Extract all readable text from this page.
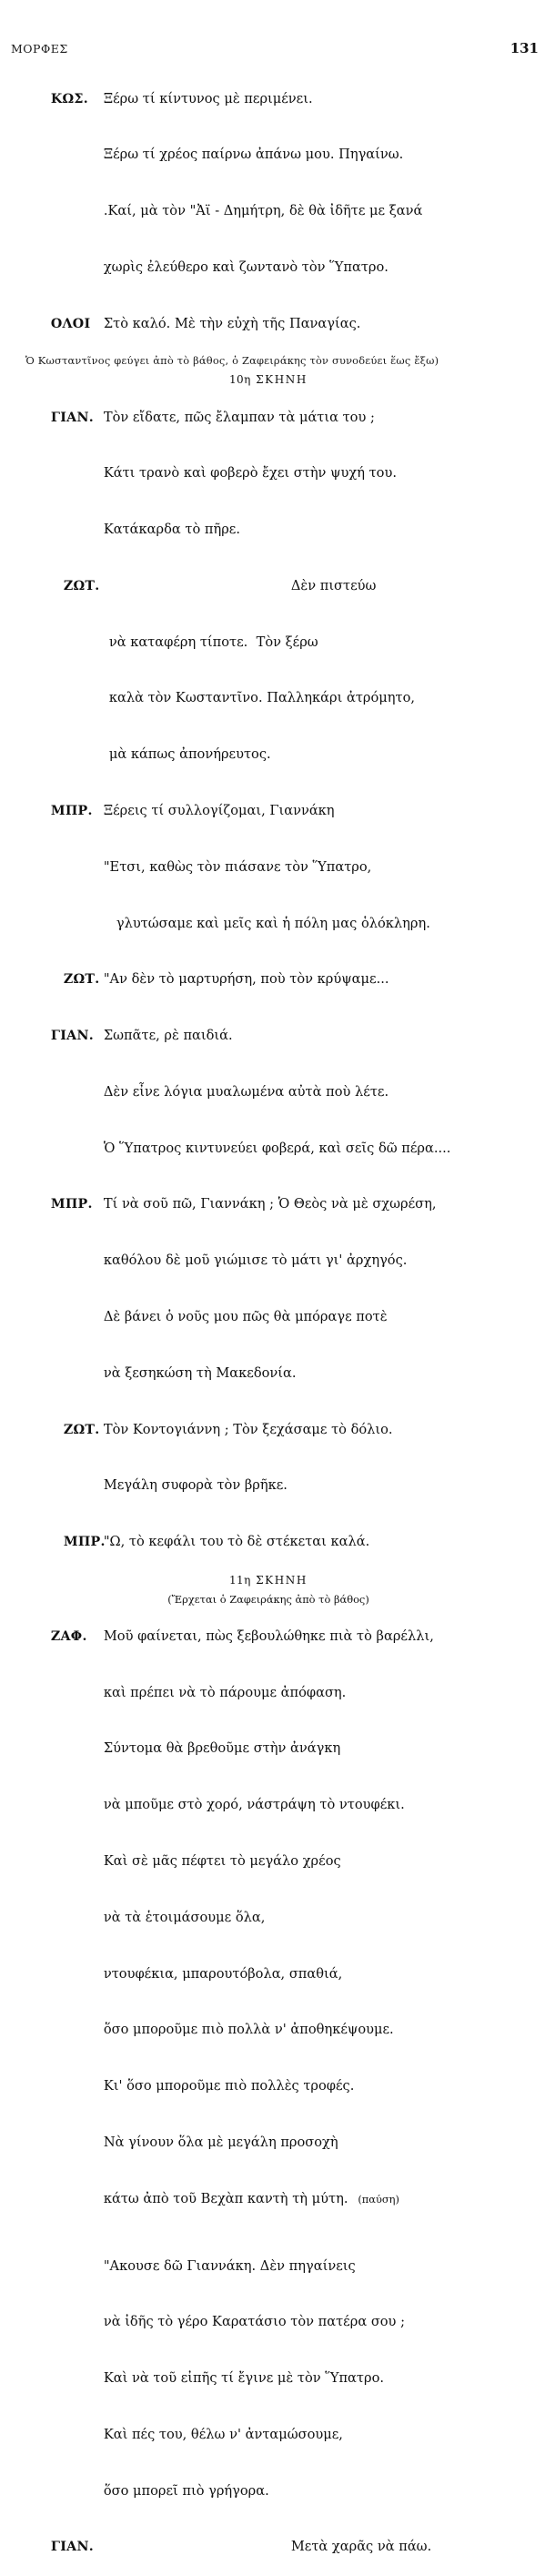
ΜΟΡΦΕΣ	131

ΚΩΣ. Ξέρω τί κίντυνος μὲ περιμένει.

Ξέρω τί χρέος παίρνω ἀπάνω μου. Πηγαίνω.

.Καί, μὰ τὸν "Ἀϊ - Δημήτρη, δὲ θὰ ἰδῆτε με ξανά

χωρὶς ἐλεύθερο καὶ ζωντανὸ τὸν Ὕπατρο.

ΟΛΟΙ Στὸ καλό. Μὲ τὴν εὐχὴ τῆς Παναγίας.

Ὁ Κωσταντῖνος φεύγει ἀπὸ τὸ βάθος, ὁ Ζαφειράκης τὸν συνοδεύει ἕως ἔξω)
10η ΣΚΗΝΗ

ΓΙΑΝ. Τὸν εἴδατε, πῶς ἔλαμπαν τὰ μάτια του ;

Κάτι τρανὸ καὶ φοβερὸ ἔχει στὴν ψυχή του.

Κατάκαρδα τὸ πῆρε.

ΖΩΤ.	Δὲν πιστεύω

νὰ καταφέρη τίποτε.  Τὸν ξέρω

καλὰ τὸν Κωσταντῖνο. Παλληκάρι ἀτρόμητο,

μὰ κάπως ἀπονήρευτος.

ΜΠΡ. Ξέρεις τί συλλογίζομαι, Γιαννάκη

"Ετσι, καθὼς τὸν πιάσανε τὸν Ὕπατρο,

γλυτώσαμε καὶ μεῖς καὶ ἡ πόλη μας ὁλόκληρη.

ΖΩΤ. "Αν δὲν τὸ μαρτυρήση, ποὺ τὸν κρύψαμε...

ΓΙΑΝ. Σωπᾶτε, ρὲ παιδιά.

Δὲν εἶνε λόγια μυαλωμένα αὐτὰ ποὺ λέτε.

Ὁ Ὕπατρος κιντυνεύει φοβερά, καὶ σεῖς δῶ πέρα....

ΜΠΡ. Τί νὰ σοῦ πῶ, Γιαννάκη ; Ὁ Θεὸς νὰ μὲ σχωρέση,

καθόλου δὲ μοῦ γιώμισε τὸ μάτι γι' ἀρχηγός.

Δὲ βάνει ὁ νοῦς μου πῶς θὰ μπόραγε ποτὲ

νὰ ξεσηκώση τὴ Μακεδονία.

ΖΩΤ. Τὸν Κοντογιάννη ; Τὸν ξεχάσαμε τὸ δόλιο.

Μεγάλη συφορὰ τὸν βρῆκε.

ΜΠΡ."Ω, τὸ κεφάλι του τὸ δὲ στέκεται καλά.

11η ΣΚΗΝΗ
(Ἔρχεται ὁ Ζαφειράκης ἀπὸ τὸ βάθος)

ΖΑΦ. Μοῦ φαίνεται, πὼς ξεβουλώθηκε πιὰ τὸ βαρέλλι,

καὶ πρέπει νὰ τὸ πάρουμε ἀπόφαση.

Σύντομα θὰ βρεθοῦμε στὴν ἀνάγκη

νὰ μποῦμε στὸ χορό, νάστράψη τὸ ντουφέκι.

Καὶ σὲ μᾶς πέφτει τὸ μεγάλο χρέος

νὰ τὰ ἑτοιμάσουμε ὅλα,

ντουφέκια, μπαρουτόβολα, σπαθιά,

ὅσο μποροῦμε πιὸ πολλὰ ν' ἀποθηκέψουμε.

Κι' ὅσο μποροῦμε πιὸ πολλὲς τροφές.

Νὰ γίνουν ὅλα μὲ μεγάλη προσοχὴ

κάτω ἀπὸ τοῦ Βεχὰπ καντὴ τὴ μύτη. (παύση)

"Ακουσε δῶ Γιαννάκη. Δὲν πηγαίνεις

νὰ ἰδῆς τὸ γέρο Καρατάσιο τὸν πατέρα σου ;

Καὶ νὰ τοῦ εἰπῆς τί ἔγινε μὲ τὸν Ὕπατρο.

Καὶ πές του, θέλω ν' ἀνταμώσουμε,

ὅσο μπορεῖ πιὸ γρήγορα.

ΓΙΑΝ.	Μετὰ χαρᾶς νὰ πάω.
